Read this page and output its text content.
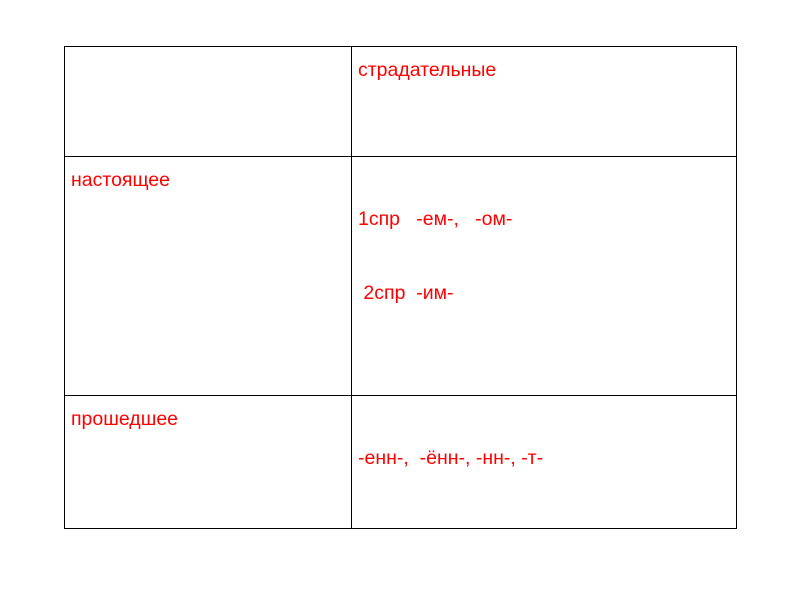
	страдательные

настоящее	1спр   -ем-,   -ом-

2спр  -им-

прошедшее	-енн-,  -ённ-, -нн-, -т-
